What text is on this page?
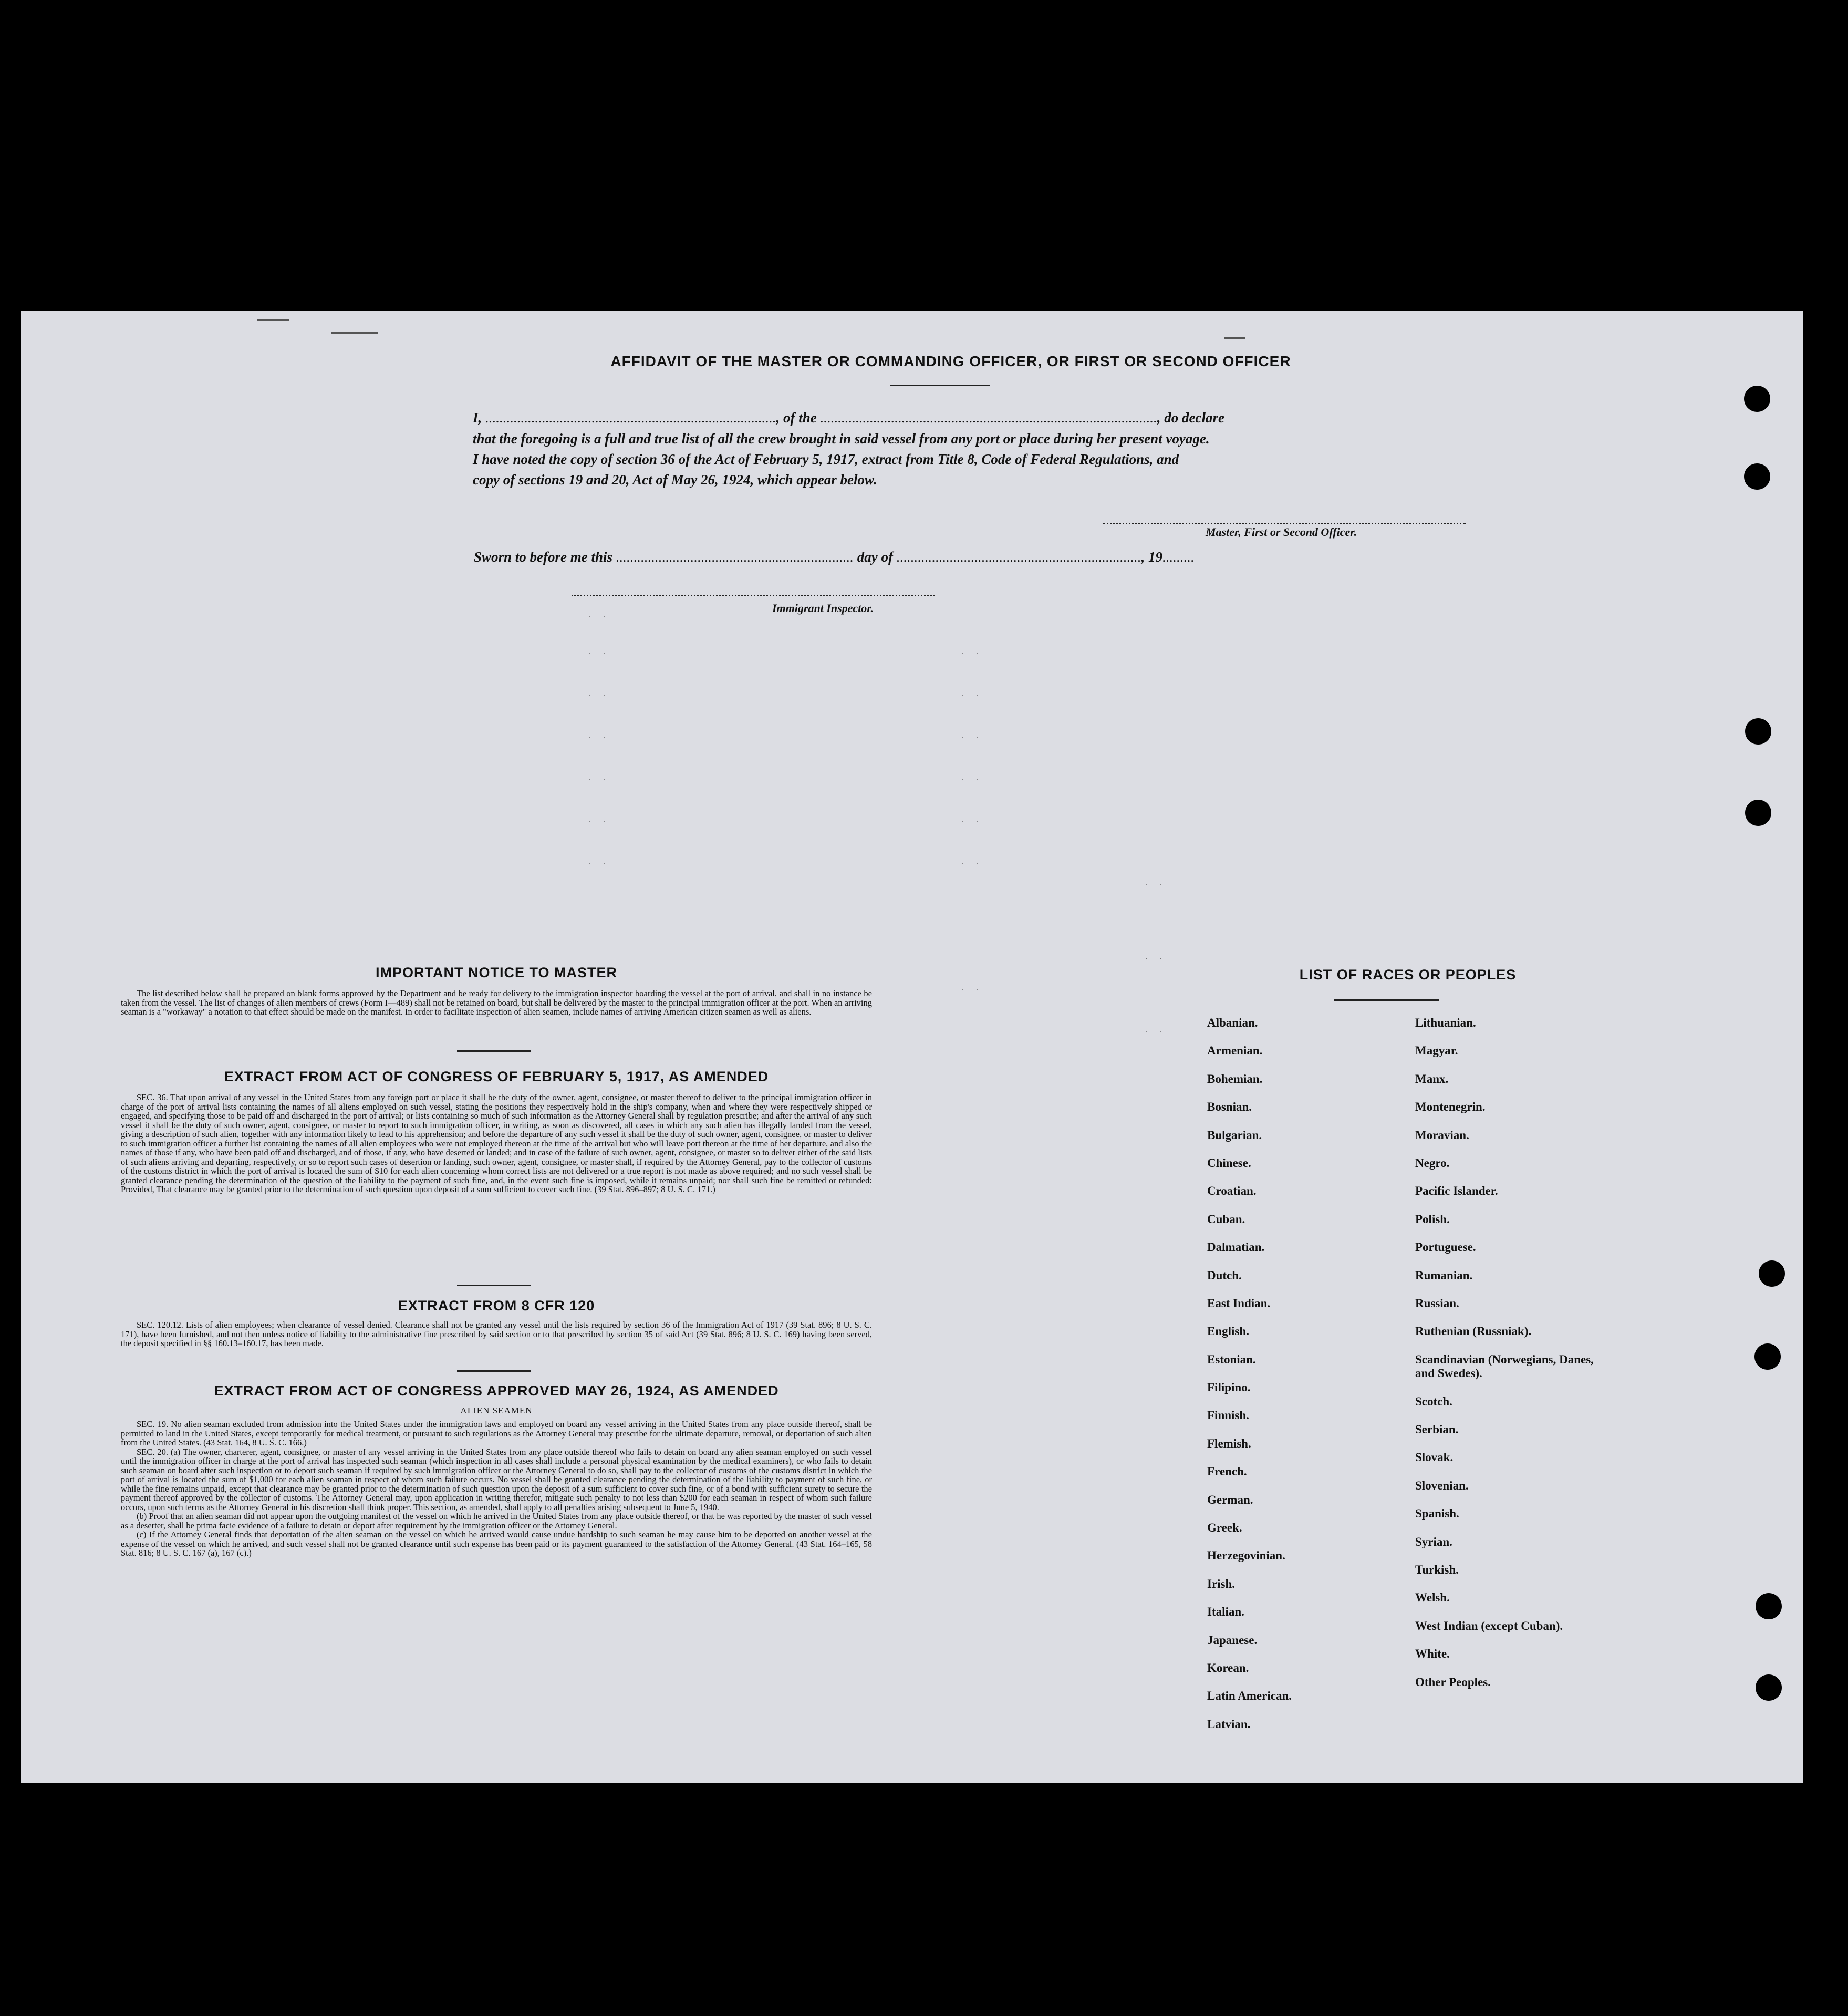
AFFIDAVIT OF THE MASTER OR COMMANDING OFFICER, OR FIRST OR SECOND OFFICER
I, .................................................................................., of the ..............................................................................................., do declare
that the foregoing is a full and true list of all the crew brought in said vessel from any port or place during her present voyage.
I have noted the copy of section 36 of the Act of February 5, 1917, extract from Title 8, Code of Federal Regulations, and
copy of sections 19 and 20, Act of May 26, 1924, which appear below.
Master, First or Second Officer.
Sworn to before me this ................................................................... day of ....................................................................., 19.........
Immigrant Inspector.
. .
. .	. .
. .	. .
. .	. .
. .	. .
. .	. .
. .	. .
. .
. .
. .
. .
IMPORTANT NOTICE TO MASTER

The list described below shall be prepared on blank forms approved by the Department and be ready for delivery to the immigration inspector boarding the vessel at the port of arrival, and shall in no instance be taken from the vessel. The list of changes of alien members of crews (Form I—489) shall not be retained on board, but shall be delivered by the master to the principal immigration officer at the port. When an arriving seaman is a "workaway" a notation to that effect should be made on the manifest. In order to facilitate inspection of alien seamen, include names of arriving American citizen seamen as well as aliens.

EXTRACT FROM ACT OF CONGRESS OF FEBRUARY 5, 1917, AS AMENDED

SEC. 36. That upon arrival of any vessel in the United States from any foreign port or place it shall be the duty of the owner, agent, consignee, or master thereof to deliver to the principal immigration officer in charge of the port of arrival lists containing the names of all aliens employed on such vessel, stating the positions they respectively hold in the ship's company, when and where they were respectively shipped or engaged, and specifying those to be paid off and discharged in the port of arrival; or lists containing so much of such information as the Attorney General shall by regulation prescribe; and after the arrival of any such vessel it shall be the duty of such owner, agent, consignee, or master to report to such immigration officer, in writing, as soon as discovered, all cases in which any such alien has illegally landed from the vessel, giving a description of such alien, together with any information likely to lead to his apprehension; and before the departure of any such vessel it shall be the duty of such owner, agent, consignee, or master to deliver to such immigration officer a further list containing the names of all alien employees who were not employed thereon at the time of the arrival but who will leave port thereon at the time of her departure, and also the names of those if any, who have been paid off and discharged, and of those, if any, who have deserted or landed; and in case of the failure of such owner, agent, consignee, or master so to deliver either of the said lists of such aliens arriving and departing, respectively, or so to report such cases of desertion or landing, such owner, agent, consignee, or master shall, if required by the Attorney General, pay to the collector of customs of the customs district in which the port of arrival is located the sum of $10 for each alien concerning whom correct lists are not delivered or a true report is not made as above required; and no such vessel shall be granted clearance pending the determination of the question of the liability to the payment of such fine, and, in the event such fine is imposed, while it remains unpaid; nor shall such fine be remitted or refunded: Provided, That clearance may be granted prior to the determination of such question upon deposit of a sum sufficient to cover such fine. (39 Stat. 896–897; 8 U. S. C. 171.)

EXTRACT FROM 8 CFR 120

SEC. 120.12. Lists of alien employees; when clearance of vessel denied. Clearance shall not be granted any vessel until the lists required by section 36 of the Immigration Act of 1917 (39 Stat. 896; 8 U. S. C. 171), have been furnished, and not then unless notice of liability to the administrative fine prescribed by said section or to that prescribed by section 35 of said Act (39 Stat. 896; 8 U. S. C. 169) having been served, the deposit specified in §§ 160.13–160.17, has been made.

EXTRACT FROM ACT OF CONGRESS APPROVED MAY 26, 1924, AS AMENDED
ALIEN SEAMEN

SEC. 19. No alien seaman excluded from admission into the United States under the immigration laws and employed on board any vessel arriving in the United States from any place outside thereof, shall be permitted to land in the United States, except temporarily for medical treatment, or pursuant to such regulations as the Attorney General may prescribe for the ultimate departure, removal, or deportation of such alien from the United States. (43 Stat. 164, 8 U. S. C. 166.)

SEC. 20. (a) The owner, charterer, agent, consignee, or master of any vessel arriving in the United States from any place outside thereof who fails to detain on board any alien seaman employed on such vessel until the immigration officer in charge at the port of arrival has inspected such seaman (which inspection in all cases shall include a personal physical examination by the medical examiners), or who fails to detain such seaman on board after such inspection or to deport such seaman if required by such immigration officer or the Attorney General to do so, shall pay to the collector of customs of the customs district in which the port of arrival is located the sum of $1,000 for each alien seaman in respect of whom such failure occurs. No vessel shall be granted clearance pending the determination of the liability to payment of such fine, or while the fine remains unpaid, except that clearance may be granted prior to the determination of such question upon the deposit of a sum sufficient to cover such fine, or of a bond with sufficient surety to secure the payment thereof approved by the collector of customs. The Attorney General may, upon application in writing therefor, mitigate such penalty to not less than $200 for each seaman in respect of whom such failure occurs, upon such terms as the Attorney General in his discretion shall think proper. This section, as amended, shall apply to all penalties arising subsequent to June 5, 1940.

(b) Proof that an alien seaman did not appear upon the outgoing manifest of the vessel on which he arrived in the United States from any place outside thereof, or that he was reported by the master of such vessel as a deserter, shall be prima facie evidence of a failure to detain or deport after requirement by the immigration officer or the Attorney General.

(c) If the Attorney General finds that deportation of the alien seaman on the vessel on which he arrived would cause undue hardship to such seaman he may cause him to be deported on another vessel at the expense of the vessel on which he arrived, and such vessel shall not be granted clearance until such expense has been paid or its payment guaranteed to the satisfaction of the Attorney General. (43 Stat. 164–165, 58 Stat. 816; 8 U. S. C. 167 (a), 167 (c).)

LIST OF RACES OR PEOPLES
Albanian.
Armenian.
Bohemian.
Bosnian.
Bulgarian.
Chinese.
Croatian.
Cuban.
Dalmatian.
Dutch.
East Indian.
English.
Estonian.
Filipino.
Finnish.
Flemish.
French.
German.
Greek.
Herzegovinian.
Irish.
Italian.
Japanese.
Korean.
Latin American.
Latvian.
Lithuanian.
Magyar.
Manx.
Montenegrin.
Moravian.
Negro.
Pacific Islander.
Polish.
Portuguese.
Rumanian.
Russian.
Ruthenian (Russniak).
Scandinavian (Norwegians, Danes, and Swedes).
Scotch.
Serbian.
Slovak.
Slovenian.
Spanish.
Syrian.
Turkish.
Welsh.
West Indian (except Cuban).
White.
Other Peoples.
